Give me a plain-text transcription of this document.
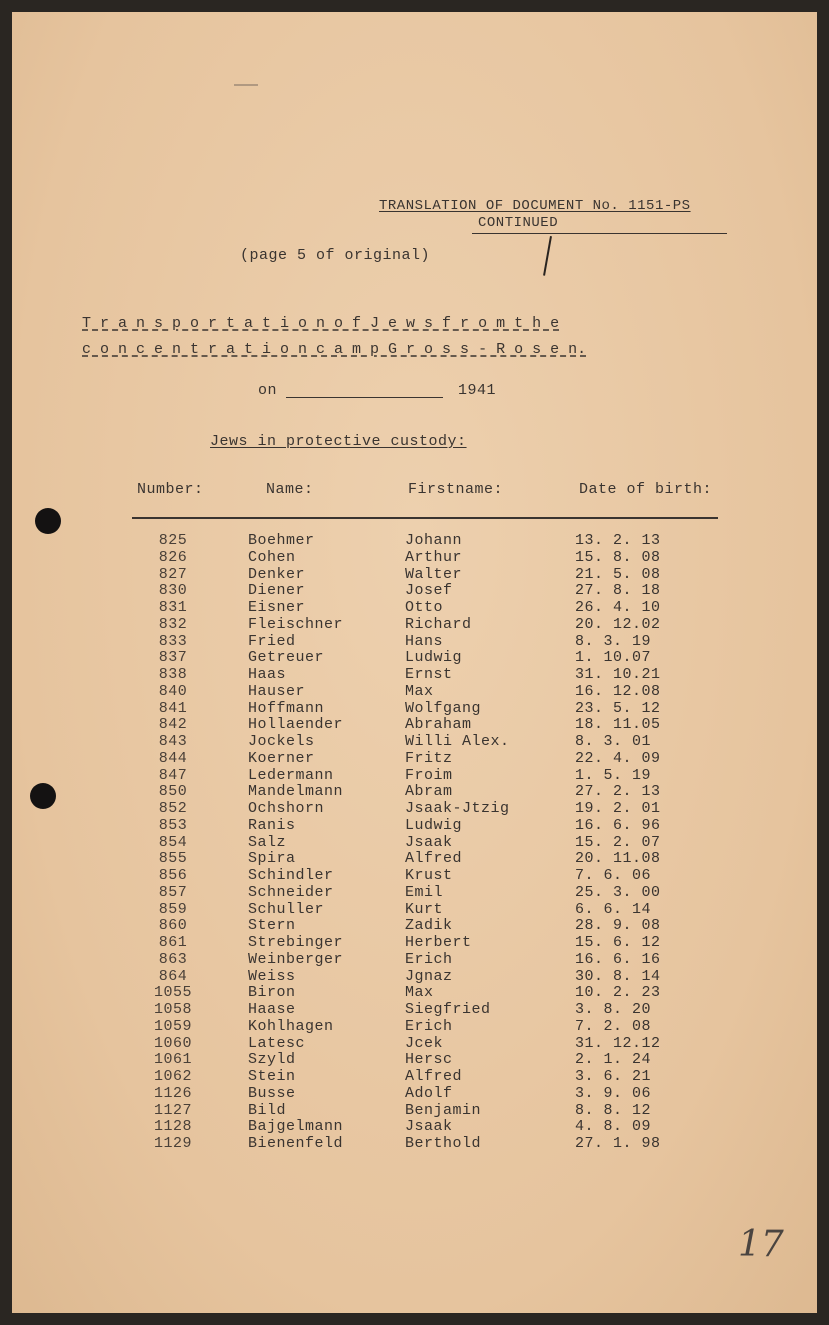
TRANSLATION OF DOCUMENT No. 1151-PS
CONTINUED
(page 5 of original)
T r a n s p o r t a t i o n o f J e w s f r o m t h e
c o n c e n t r a t i o n c a m p G r o s s - R o s e n.
on	1941
Jews in protective custody:
Number:	Name:	Firstname:	Date of birth:
825	Boehmer	Johann	13. 2. 13
826	Cohen	Arthur	15. 8. 08
827	Denker	Walter	21. 5. 08
830	Diener	Josef	27. 8. 18
831	Eisner	Otto	26. 4. 10
832	Fleischner	Richard	20. 12.02
833	Fried	Hans	8. 3. 19
837	Getreuer	Ludwig	1. 10.07
838	Haas	Ernst	31. 10.21
840	Hauser	Max	16. 12.08
841	Hoffmann	Wolfgang	23. 5. 12
842	Hollaender	Abraham	18. 11.05
843	Jockels	Willi Alex.	8. 3. 01
844	Koerner	Fritz	22. 4. 09
847	Ledermann	Froim	1. 5. 19
850	Mandelmann	Abram	27. 2. 13
852	Ochshorn	Jsaak-Jtzig	19. 2. 01
853	Ranis	Ludwig	16. 6. 96
854	Salz	Jsaak	15. 2. 07
855	Spira	Alfred	20. 11.08
856	Schindler	Krust	7. 6. 06
857	Schneider	Emil	25. 3. 00
859	Schuller	Kurt	6. 6. 14
860	Stern	Zadik	28. 9. 08
861	Strebinger	Herbert	15. 6. 12
863	Weinberger	Erich	16. 6. 16
864	Weiss	Jgnaz	30. 8. 14
1055	Biron	Max	10. 2. 23
1058	Haase	Siegfried	3. 8. 20
1059	Kohlhagen	Erich	7. 2. 08
1060	Latesc	Jcek	31. 12.12
1061	Szyld	Hersc	2. 1. 24
1062	Stein	Alfred	3. 6. 21
1126	Busse	Adolf	3. 9. 06
1127	Bild	Benjamin	8. 8. 12
1128	Bajgelmann	Jsaak	4. 8. 09
1129	Bienenfeld	Berthold	27. 1. 98
17
